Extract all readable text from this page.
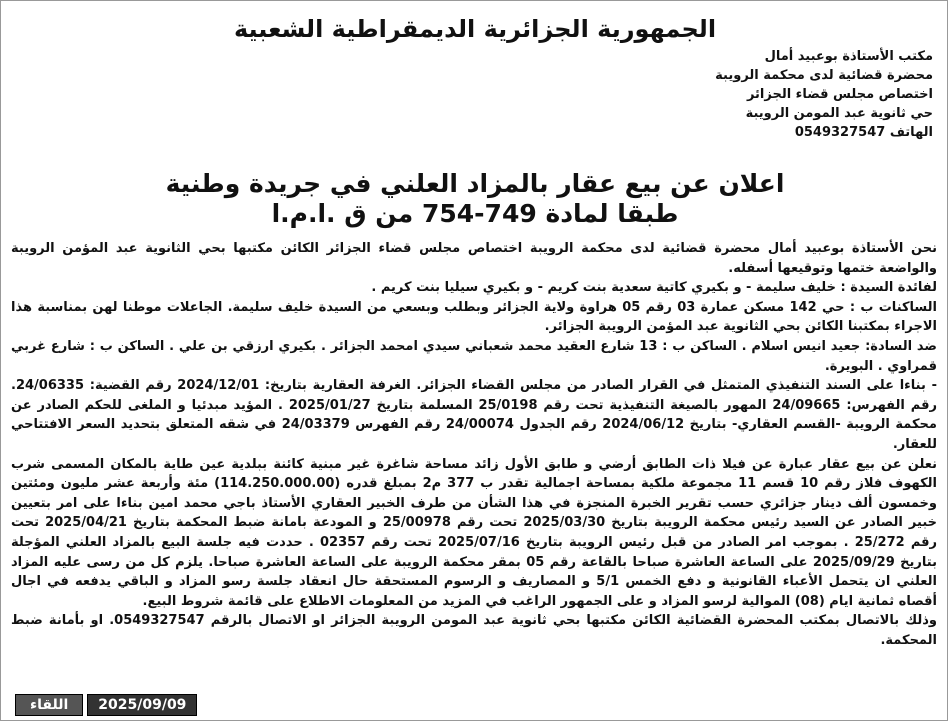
الجمهورية الجزائرية الديمقراطية الشعبية
مكتب الأستاذة بوعبيد أمال
محضرة قضائية لدى محكمة الرويبة
اختصاص مجلس قضاء الجزائر
حي ثانوية عبد المومن الرويبة
الهاتف 0549327547
اعلان عن بيع عقار بالمزاد العلني في جريدة وطنية
طبقا لمادة 749-754 من ق .ا.م.ا

نحن الأستاذة بوعبيد أمال محضرة قضائية لدى محكمة الرويبة اختصاص مجلس قضاء الجزائر الكائن مكتبها بحي الثانوية عبد المؤمن الرويبة والواضعة ختمها وتوقيعها أسفله.

لفائدة السيدة : خليف سليمة - و بكيري كاتية سعدية بنت كريم - و بكيري سيليا بنت كريم .

الساكنات ب : حي 142 مسكن عمارة 03 رقم 05 هراوة ولاية الجزائر وبطلب وبسعي من السيدة خليف سليمة. الجاعلات موطنا لهن بمناسبة هذا الاجراء بمكتبنا الكائن بحي الثانوية عبد المؤمن الرويبة الجزائر.

ضد السادة: جعيد انيس اسلام . الساكن ب : 13 شارع العقيد محمد شعباني سيدي امحمد الجزائر . بكيري ارزقي بن علي . الساكن ب : شارع غربي قمراوي . البويرة.

- بناءا على السند التنفيذي المتمثل في القرار الصادر من مجلس القضاء الجزائر. الغرفة العقارية بتاريخ: 2024/12/01 رقم القضية: 24/06335. رقم الفهرس: 24/09665 المهور بالصيغة التنفيذية تحت رقم 25/0198 المسلمة بتاريخ 2025/01/27 . المؤيد مبدئيا و الملغى للحكم الصادر عن محكمة الرويبة -القسم العقاري- بتاريخ 2024/06/12 رقم الجدول 24/00074 رقم الفهرس 24/03379 في شقه المتعلق بتحديد السعر الافتتاحي للعقار.

نعلن عن بيع عقار عبارة عن فيلا ذات الطابق أرضي و طابق الأول زائد مساحة شاغرة غير مبنية كائنة ببلدية عين طاية بالمكان المسمى شرب الكهوف فلاز رقم 10 قسم 11 مجموعة ملكية بمساحة اجمالية تقدر ب 377 م2 بمبلغ قدره (114.250.000.00) مئة وأربعة عشر مليون ومئتين وخمسون ألف دينار جزائري حسب تقرير الخبرة المنجزة في هذا الشأن من طرف الخبير العقاري الأستاذ باجي محمد امين بناءا على امر بتعيين خبير الصادر عن السيد رئيس محكمة الرويبة بتاريخ 2025/03/30 تحت رقم 25/00978 و المودعة بامانة ضبط المحكمة بتاريخ 2025/04/21 تحت رقم 25/272 . بموجب امر الصادر من قبل رئيس الرويبة بتاريخ 2025/07/16 تحت رقم 02357 . حددت فيه جلسة البيع بالمزاد العلني المؤجلة بتاريخ 2025/09/29 على الساعة العاشرة صباحا بالقاعة رقم 05 بمقر محكمة الرويبة على الساعة العاشرة صباحا. يلزم كل من رسى عليه المزاد العلني ان يتحمل الأعباء القانونية و دفع الخمس 5/1 و المصاريف و الرسوم المستحقة حال انعقاد جلسة رسو المزاد و الباقي يدفعه في اجال أقصاه ثمانية ايام (08) الموالية لرسو المزاد و على الجمهور الراغب في المزيد من المعلومات الاطلاع على قائمة شروط البيع.

وذلك بالاتصال بمكتب المحضرة القضائية الكائن مكتبها بحي ثانوية عبد المومن الرويبة الجزائر او الاتصال بالرقم 0549327547. او بأمانة ضبط المحكمة.

اللقاء	2025/09/09
